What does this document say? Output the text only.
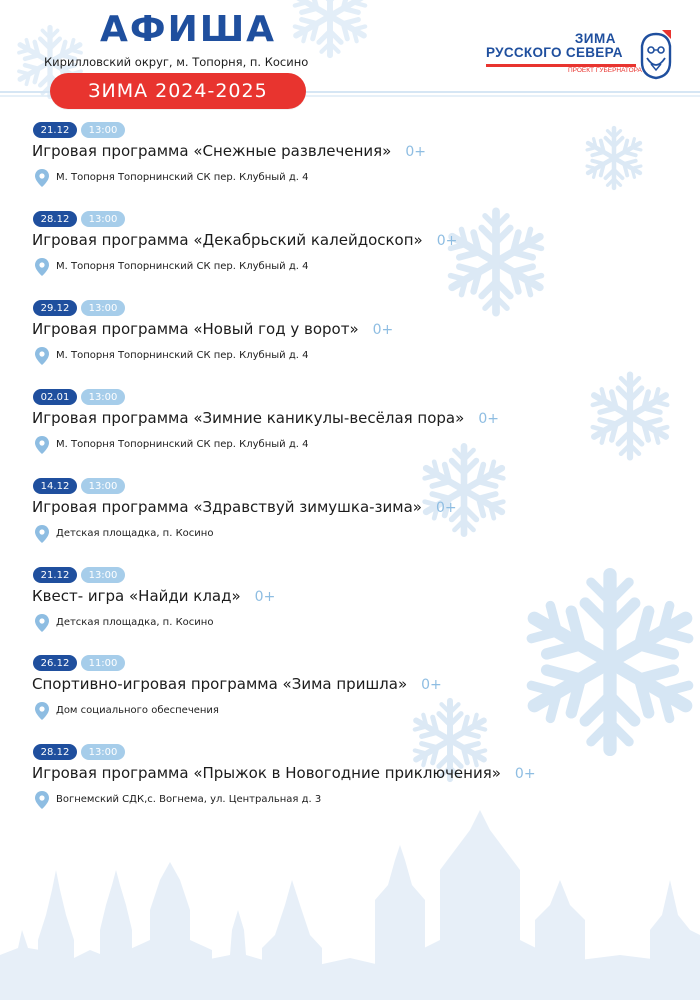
АФИША
Кирилловский округ, м. Топорня, п. Косино
ЗИМА 2024-2025
ЗИМА
РУССКОГО СЕВЕРА
ПРОЕКТ ГУБЕРНАТОРА
21.12	13:00
Игровая программа «Снежные развлечения» 0+
М. Топорня Топорнинский СК пер. Клубный д. 4
28.12	13:00
Игровая программа «Декабрьский калейдоскоп» 0+
М. Топорня Топорнинский СК пер. Клубный д. 4
29.12	13:00
Игровая программа «Новый год у ворот» 0+
М. Топорня Топорнинский СК пер. Клубный д. 4
02.01	13:00
Игровая программа «Зимние каникулы-весёлая пора» 0+
М. Топорня Топорнинский СК пер. Клубный д. 4
14.12	13:00
Игровая программа «Здравствуй зимушка-зима» 0+
Детская площадка, п. Косино
21.12	13:00
Квест- игра «Найди клад» 0+
Детская площадка, п. Косино
26.12	11:00
Спортивно-игровая программа «Зима пришла» 0+
Дом социального обеспечения
28.12	13:00
Игровая программа «Прыжок в Новогодние приключения» 0+
Вогнемский СДК,с. Вогнема, ул. Центральная д. 3
